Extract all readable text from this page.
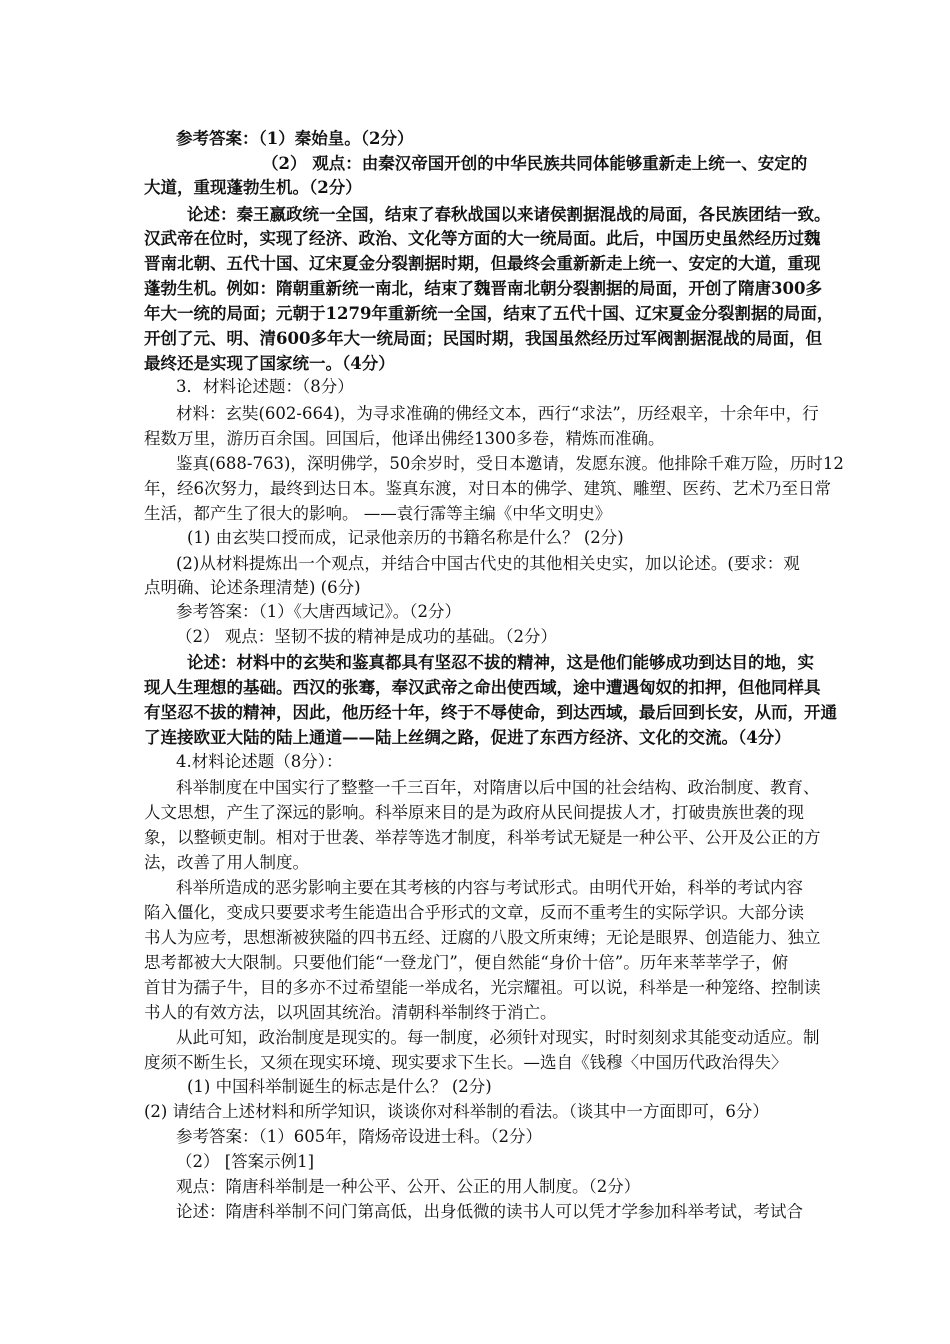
参考答案：（1）秦始皇。（2分）
（2） 观点：由秦汉帝国开创的中华民族共同体能够重新走上统一、安定的
大道，重现蓬勃生机。（2分）
论述：秦王嬴政统一全国，结束了春秋战国以来诸侯割据混战的局面，各民族团结一致。
汉武帝在位时，实现了经济、政治、文化等方面的大一统局面。此后，中国历史虽然经历过魏
晋南北朝、五代十国、辽宋夏金分裂割据时期，但最终会重新新走上统一、安定的大道，重现
蓬勃生机。例如：隋朝重新统一南北，结束了魏晋南北朝分裂割据的局面，开创了隋唐300多
年大一统的局面；元朝于1279年重新统一全国，结束了五代十国、辽宋夏金分裂割据的局面，
开创了元、明、清600多年大一统局面；民国时期，我国虽然经历过军阀割据混战的局面，但
最终还是实现了国家统一。（4分）
3．材料论述题：（8分）
材料：玄奘(602-664)，为寻求准确的佛经文本，西行“求法”，历经艰辛，十余年中，行
程数万里，游历百余国。回国后，他译出佛经1300多卷，精炼而准确。
鉴真(688-763)，深明佛学，50余岁时，受日本邀请，发愿东渡。他排除千难万险，历时12
年，经6次努力，最终到达日本。鉴真东渡，对日本的佛学、建筑、雕塑、医药、艺术乃至日常
生活，都产生了很大的影响。 ——袁行霈等主编《中华文明史》
(1) 由玄奘口授而成，记录他亲历的书籍名称是什么？ (2分)
(2)从材料提炼出一个观点，并结合中国古代史的其他相关史实，加以论述。(要求：观
点明确、论述条理清楚) (6分)
参考答案：（1）《大唐西域记》。（2分）
（2） 观点：坚韧不拔的精神是成功的基础。（2分）
论述：材料中的玄奘和鉴真都具有坚忍不拔的精神，这是他们能够成功到达目的地，实
现人生理想的基础。西汉的张骞，奉汉武帝之命出使西域，途中遭遇匈奴的扣押，但他同样具
有坚忍不拔的精神，因此，他历经十年，终于不辱使命，到达西域，最后回到长安，从而，开通
了连接欧亚大陆的陆上通道——陆上丝绸之路，促进了东西方经济、文化的交流。（4分）
4.材料论述题（8分）：
科举制度在中国实行了整整一千三百年，对隋唐以后中国的社会结构、政治制度、教育、
人文思想，产生了深远的影响。科举原来目的是为政府从民间提拔人才，打破贵族世袭的现
象，以整顿吏制。相对于世袭、举荐等选才制度，科举考试无疑是一种公平、公开及公正的方
法，改善了用人制度。
科举所造成的恶劣影响主要在其考核的内容与考试形式。由明代开始，科举的考试内容
陷入僵化，变成只要要求考生能造出合乎形式的文章，反而不重考生的实际学识。大部分读
书人为应考，思想渐被狭隘的四书五经、迂腐的八股文所束缚；无论是眼界、创造能力、独立
思考都被大大限制。只要他们能“一登龙门”，便自然能“身价十倍”。历年来莘莘学子，俯
首甘为孺子牛，目的多亦不过希望能一举成名，光宗耀祖。可以说，科举是一种笼络、控制读
书人的有效方法，以巩固其统治。清朝科举制终于消亡。
从此可知，政治制度是现实的。每一制度，必须针对现实，时时刻刻求其能变动适应。制
度须不断生长，又须在现实环境、现实要求下生长。—选自《钱穆〈中国历代政治得失〉
(1) 中国科举制诞生的标志是什么？ (2分)
(2) 请结合上述材料和所学知识，谈谈你对科举制的看法。（谈其中一方面即可，6分）
参考答案：（1）605年，隋炀帝设进士科。（2分）
（2） [答案示例1]
观点：隋唐科举制是一种公平、公开、公正的用人制度。（2分）
论述：隋唐科举制不问门第高低，出身低微的读书人可以凭才学参加科举考试，考试合
